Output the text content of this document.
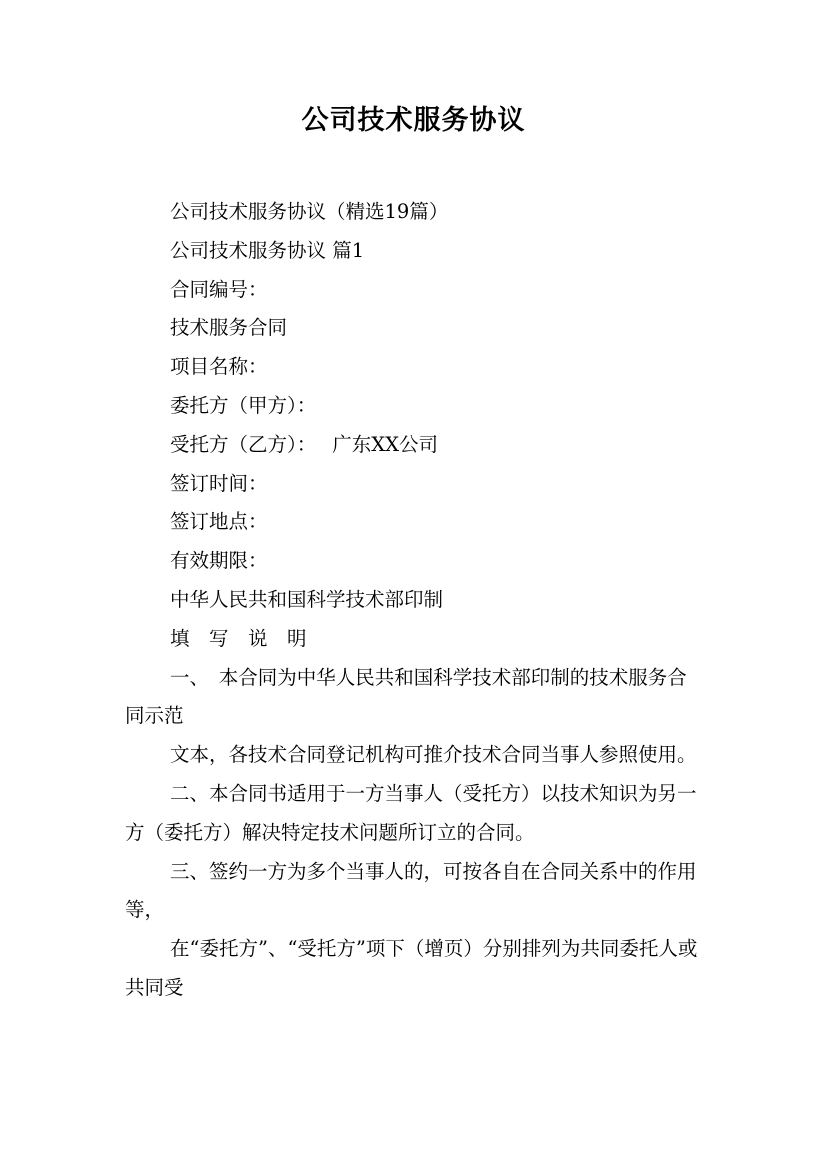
公司技术服务协议

公司技术服务协议（精选19篇）

公司技术服务协议 篇1

合同编号：

技术服务合同

项目名称：

委托方（甲方）：

受托方（乙方）：　 广东XX公司

签订时间：

签订地点：

有效期限：

中华人民共和国科学技术部印制

填　写　说　明

一、　本合同为中华人民共和国科学技术部印制的技术服务合同示范

文本，各技术合同登记机构可推介技术合同当事人参照使用。

二、本合同书适用于一方当事人（受托方）以技术知识为另一方（委托方）解决特定技术问题所订立的合同。

三、签约一方为多个当事人的，可按各自在合同关系中的作用等，

在“委托方”、“受托方”项下（增页）分别排列为共同委托人或共同受
